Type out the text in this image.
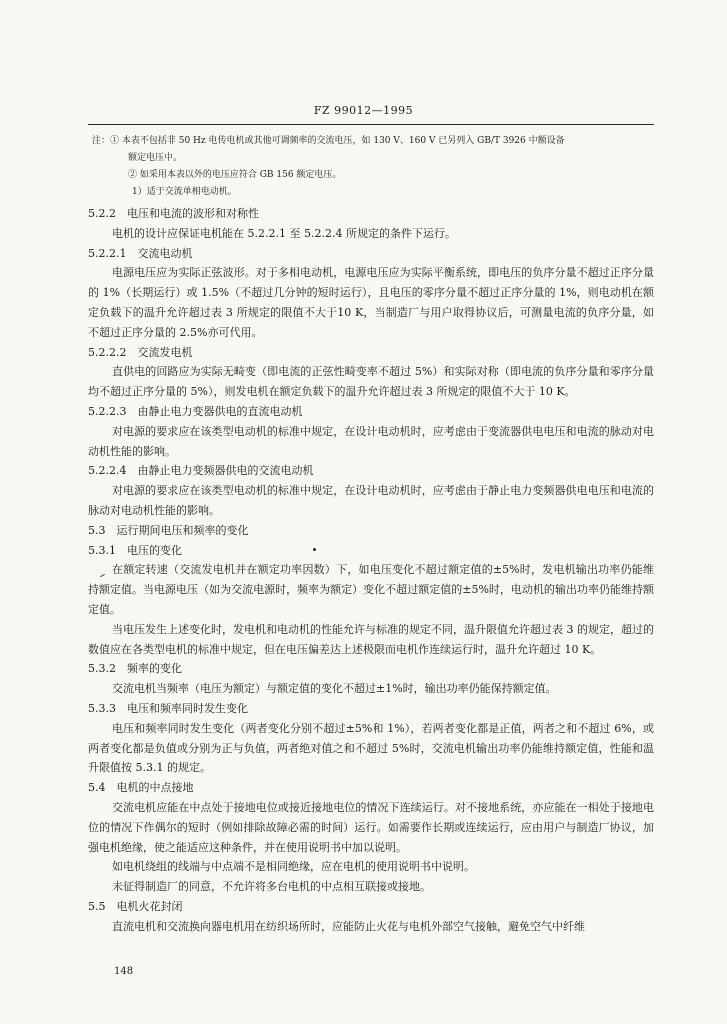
FZ 99012—1995
注：① 本表不包括非 50 Hz 电传电机或其他可调频率的交流电压，如 130 V、160 V 已另列入 GB/T 3926 中额设备
额定电压中。
② 如采用本表以外的电压应符合 GB 156 额定电压。
1）适于交流单相电动机。
5.2.2　电压和电流的波形和对称性
电机的设计应保证电机能在 5.2.2.1 至 5.2.2.4 所规定的条件下运行。
5.2.2.1　交流电动机
电源电压应为实际正弦波形。对于多相电动机，电源电压应为实际平衡系统，即电压的负序分量不超过正序分量的 1%（长期运行）或 1.5%（不超过几分钟的短时运行），且电压的零序分量不超过正序分量的 1%，则电动机在额定负载下的温升允许超过表 3 所规定的限值不大于10 K，当制造厂与用户取得协议后，可测量电流的负序分量，如不超过正序分量的 2.5%亦可代用。
5.2.2.2　交流发电机
直供电的回路应为实际无畸变（即电流的正弦性畸变率不超过 5%）和实际对称（即电流的负序分量和零序分量均不超过正序分量的 5%），则发电机在额定负载下的温升允许超过表 3 所规定的限值不大于 10 K。
5.2.2.3　由静止电力变器供电的直流电动机
对电源的要求应在该类型电动机的标准中规定，在设计电动机时，应考虑由于变流器供电电压和电流的脉动对电动机性能的影响。
5.2.2.4　由静止电力变频器供电的交流电动机
对电源的要求应在该类型电动机的标准中规定，在设计电动机时，应考虑由于静止电力变频器供电电压和电流的脉动对电动机性能的影响。
5.3　运行期间电压和频率的变化
5.3.1　电压的变化
在额定转速（交流发电机并在额定功率因数）下，如电压变化不超过额定值的±5%时，发电机输出功率仍能维持额定值。当电源电压（如为交流电源时，频率为额定）变化不超过额定值的±5%时，电动机的输出功率仍能维持额定值。
当电压发生上述变化时，发电机和电动机的性能允许与标准的规定不同，温升限值允许超过表 3 的规定，超过的数值应在各类型电机的标准中规定，但在电压偏差达上述极限而电机作连续运行时，温升允许超过 10 K。
5.3.2　频率的变化
交流电机当频率（电压为额定）与额定值的变化不超过±1%时，输出功率仍能保持额定值。
5.3.3　电压和频率同时发生变化
电压和频率同时发生变化（两者变化分别不超过±5%和 1%），若两者变化都是正值，两者之和不超过 6%，或两者变化都是负值或分别为正与负值，两者绝对值之和不超过 5%时，交流电机输出功率仍能维持额定值，性能和温升限值按 5.3.1 的规定。
5.4　电机的中点接地
交流电机应能在中点处于接地电位或接近接地电位的情况下连续运行。对不接地系统，亦应能在一相处于接地电位的情况下作偶尔的短时（例如排除故障必需的时间）运行。如需要作长期或连续运行，应由用户与制造厂协议，加强电机绝缘，使之能适应这种条件，并在使用说明书中加以说明。
如电机绕组的线端与中点端不是相同绝缘，应在电机的使用说明书中说明。
未征得制造厂的同意，不允许将多台电机的中点相互联接或接地。
5.5　电机火花封闭
直流电机和交流换向器电机用在纺织场所时，应能防止火花与电机外部空气接触，避免空气中纤维
148
